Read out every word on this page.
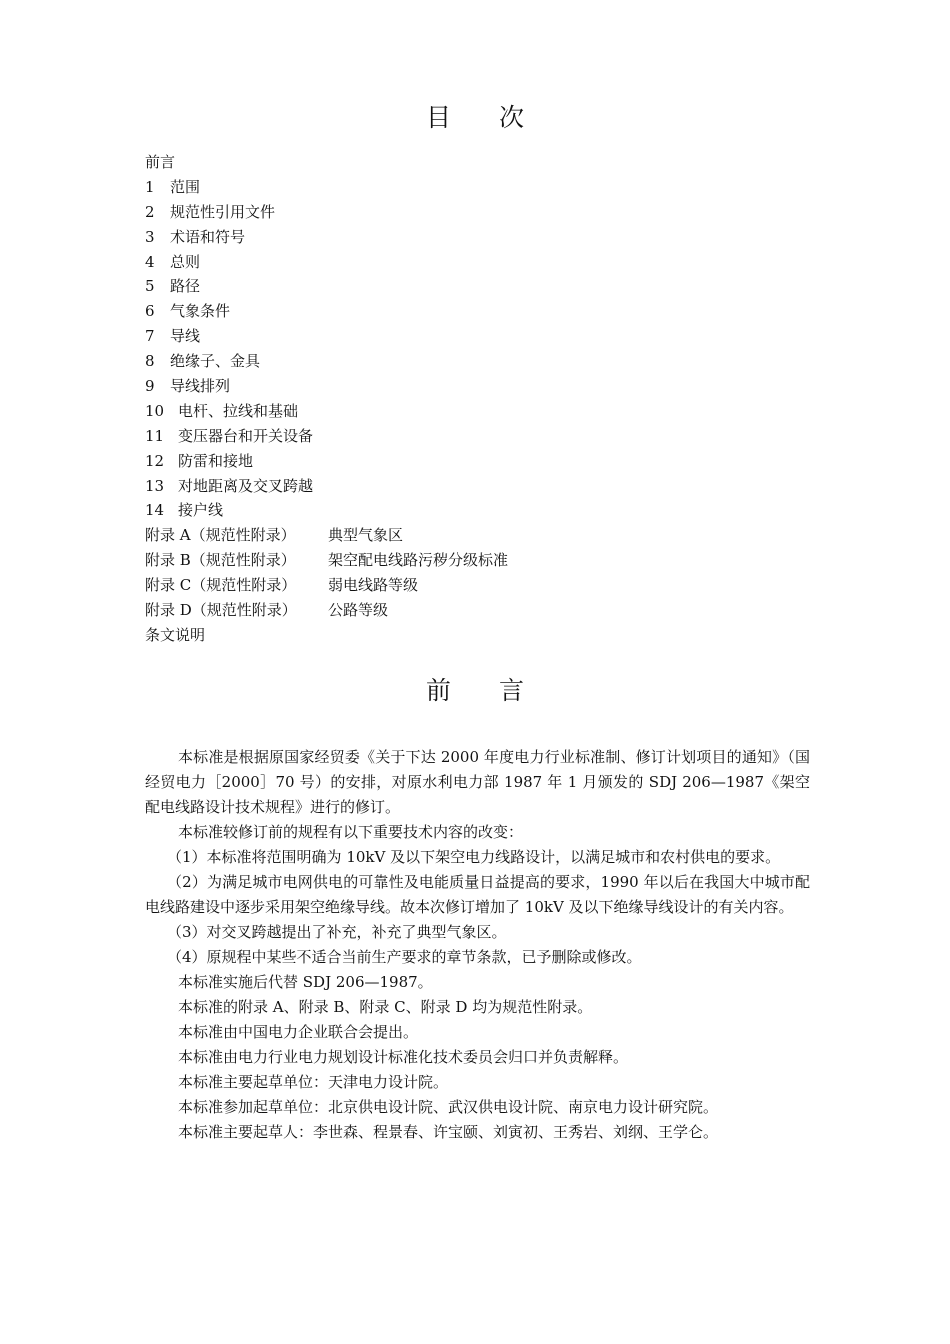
目次
前言
1 范围
2 规范性引用文件
3 术语和符号
4 总则
5 路径
6 气象条件
7 导线
8 绝缘子、金具
9 导线排列
10 电杆、拉线和基础
11 变压器台和开关设备
12 防雷和接地
13 对地距离及交叉跨越
14 接户线
附录 A（规范性附录） 典型气象区
附录 B（规范性附录） 架空配电线路污秽分级标准
附录 C（规范性附录） 弱电线路等级
附录 D（规范性附录） 公路等级
条文说明
前言

本标准是根据原国家经贸委《关于下达 2000 年度电力行业标准制、修订计划项目的通知》（国经贸电力［2000］70 号）的安排，对原水利电力部 1987 年 1 月颁发的 SDJ 206—1987《架空配电线路设计技术规程》进行的修订。

本标准较修订前的规程有以下重要技术内容的改变：

（1）本标准将范围明确为 10kV 及以下架空电力线路设计，以满足城市和农村供电的要求。

（2）为满足城市电网供电的可靠性及电能质量日益提高的要求，1990 年以后在我国大中城市配电线路建设中逐步采用架空绝缘导线。故本次修订增加了 10kV 及以下绝缘导线设计的有关内容。

（3）对交叉跨越提出了补充，补充了典型气象区。

（4）原规程中某些不适合当前生产要求的章节条款，已予删除或修改。

本标准实施后代替 SDJ 206—1987。

本标准的附录 A、附录 B、附录 C、附录 D 均为规范性附录。

本标准由中国电力企业联合会提出。

本标准由电力行业电力规划设计标准化技术委员会归口并负责解释。

本标准主要起草单位：天津电力设计院。

本标准参加起草单位：北京供电设计院、武汉供电设计院、南京电力设计研究院。

本标准主要起草人：李世森、程景春、许宝颐、刘寅初、王秀岩、刘纲、王学仑。
